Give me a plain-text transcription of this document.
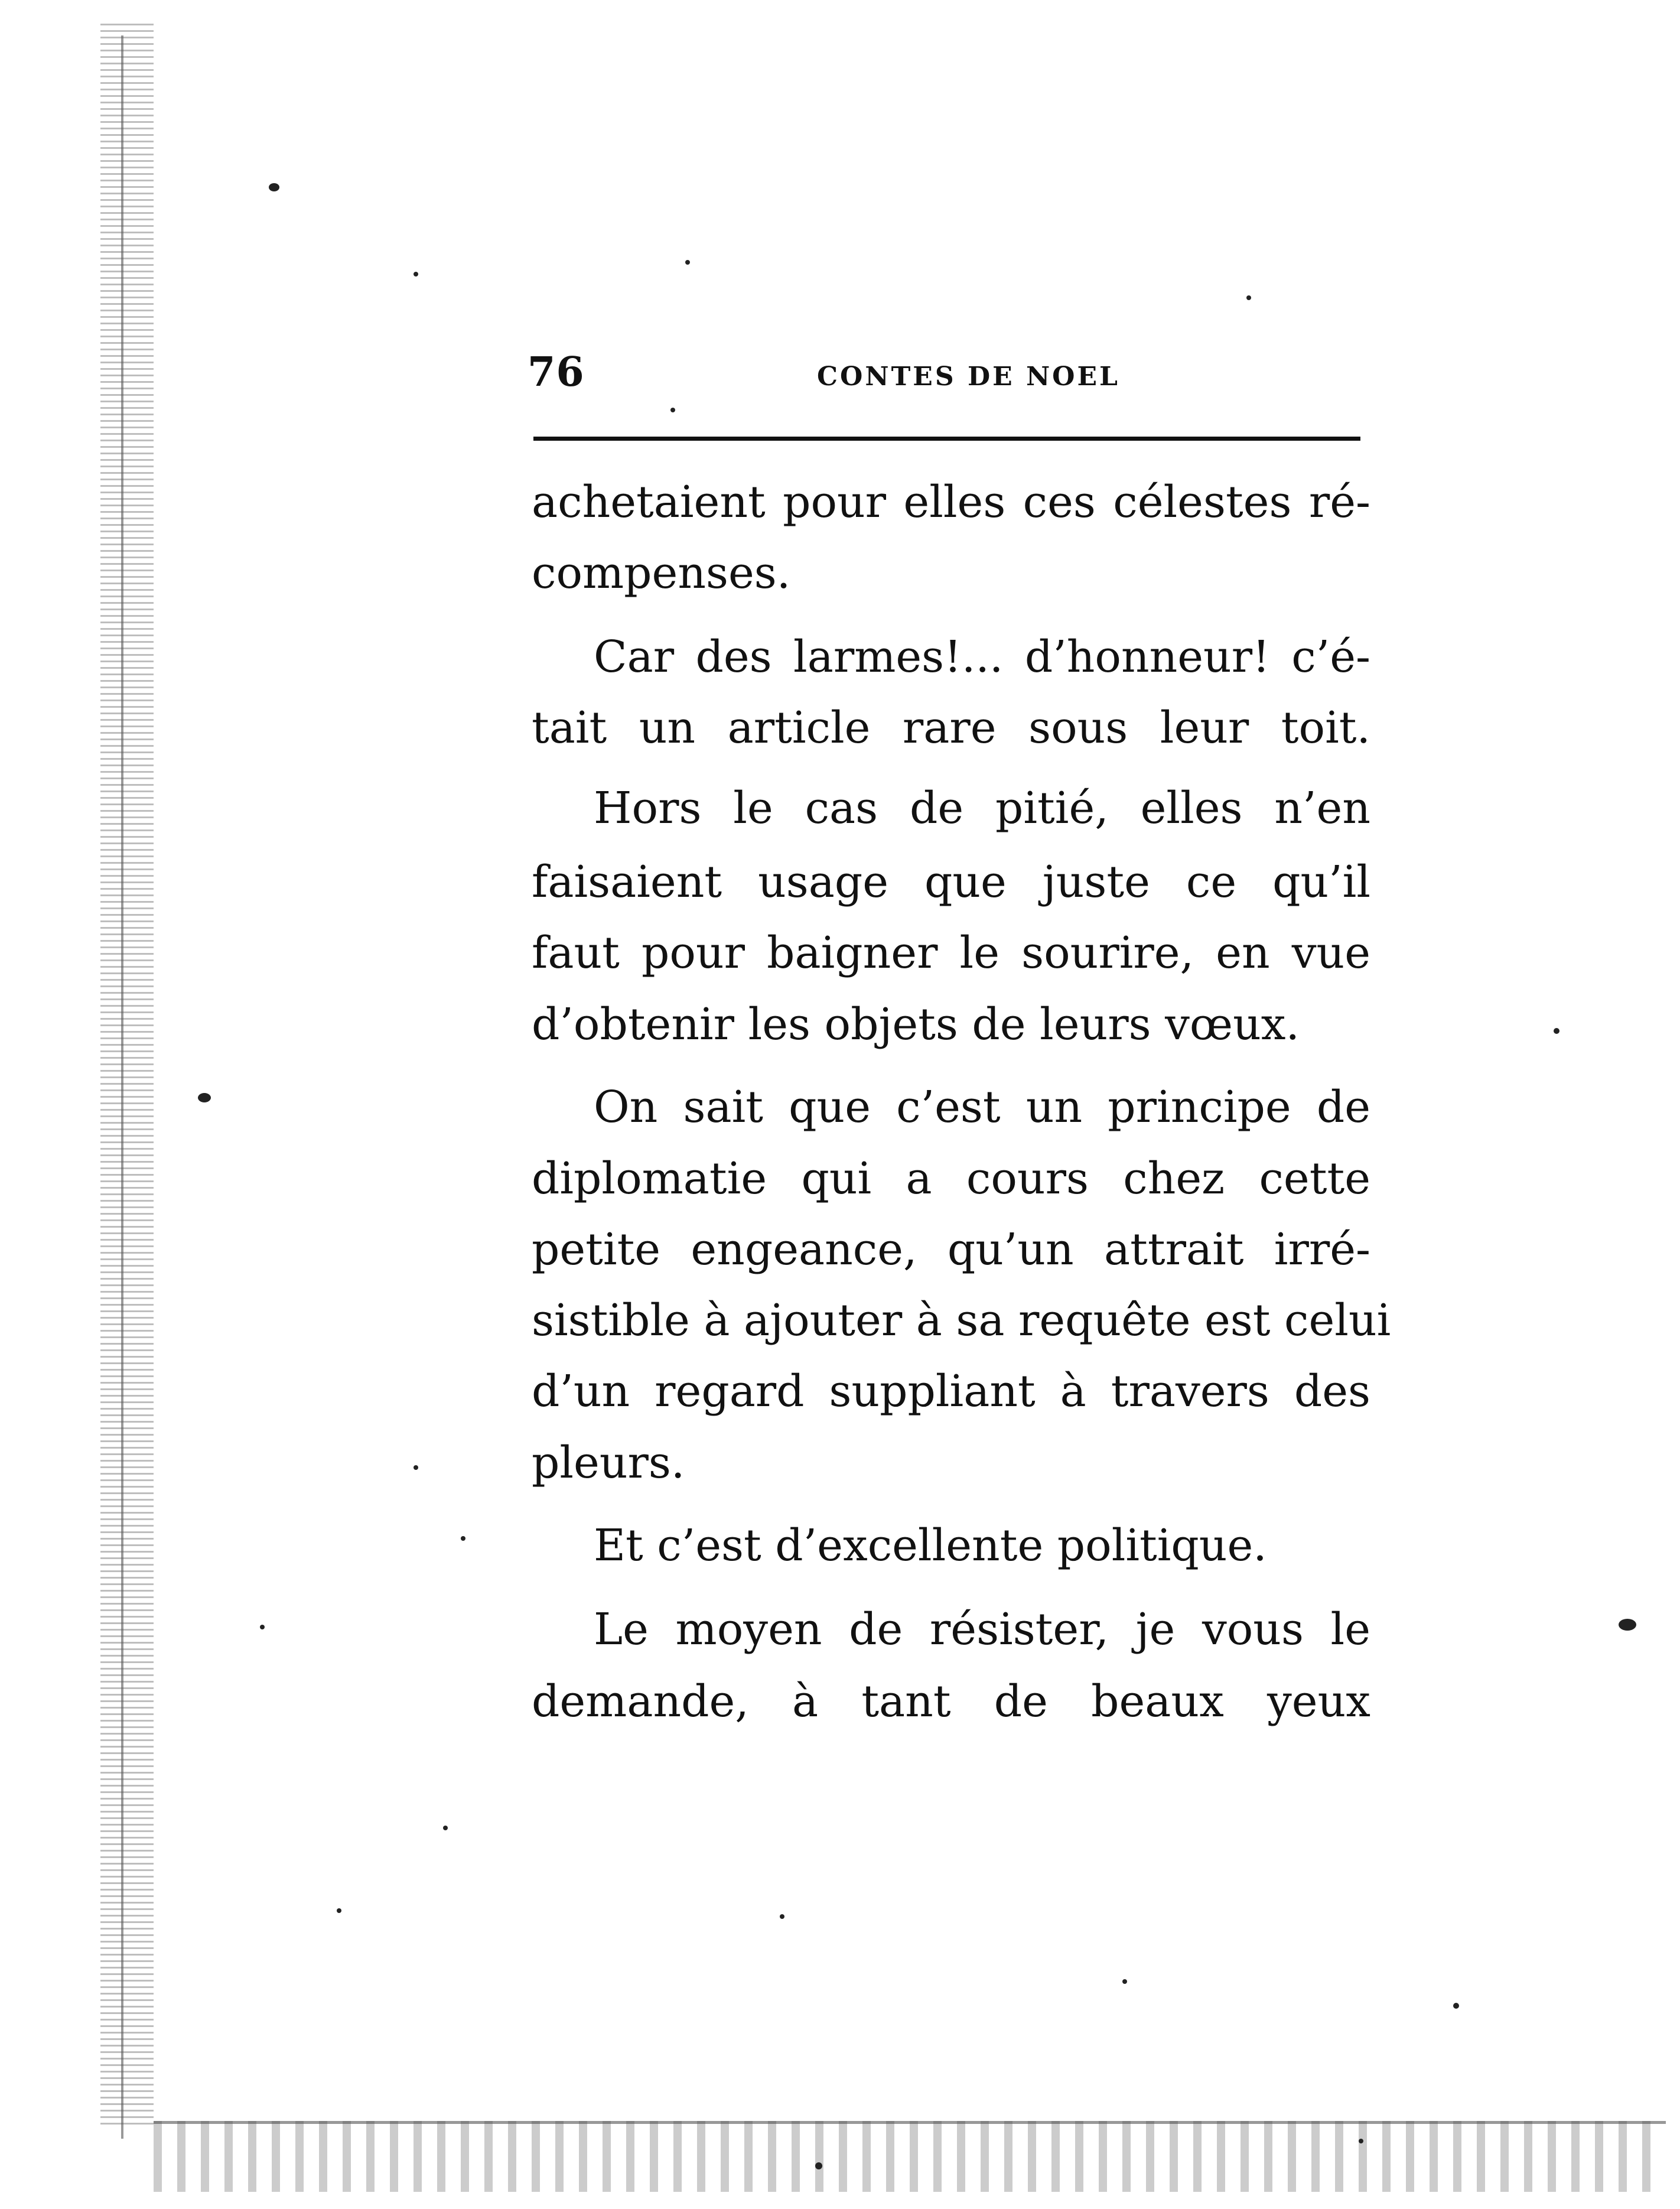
76	CONTES DE NOEL
achetaient pour elles ces célestes ré-
compenses.
Car des larmes!... d’honneur! c’é-
tait un article rare sous leur toit.
Hors le cas de pitié, elles n’en
faisaient usage que juste ce qu’il
faut pour baigner le sourire, en vue
d’obtenir les objets de leurs vœux.
On sait que c’est un principe de
diplomatie qui a cours chez cette
petite engeance, qu’un attrait irré-
sistible à ajouter à sa requête est celui
d’un regard suppliant à travers des
pleurs.
Et c’est d’excellente politique.
Le moyen de résister, je vous le
demande, à tant de beaux yeux
